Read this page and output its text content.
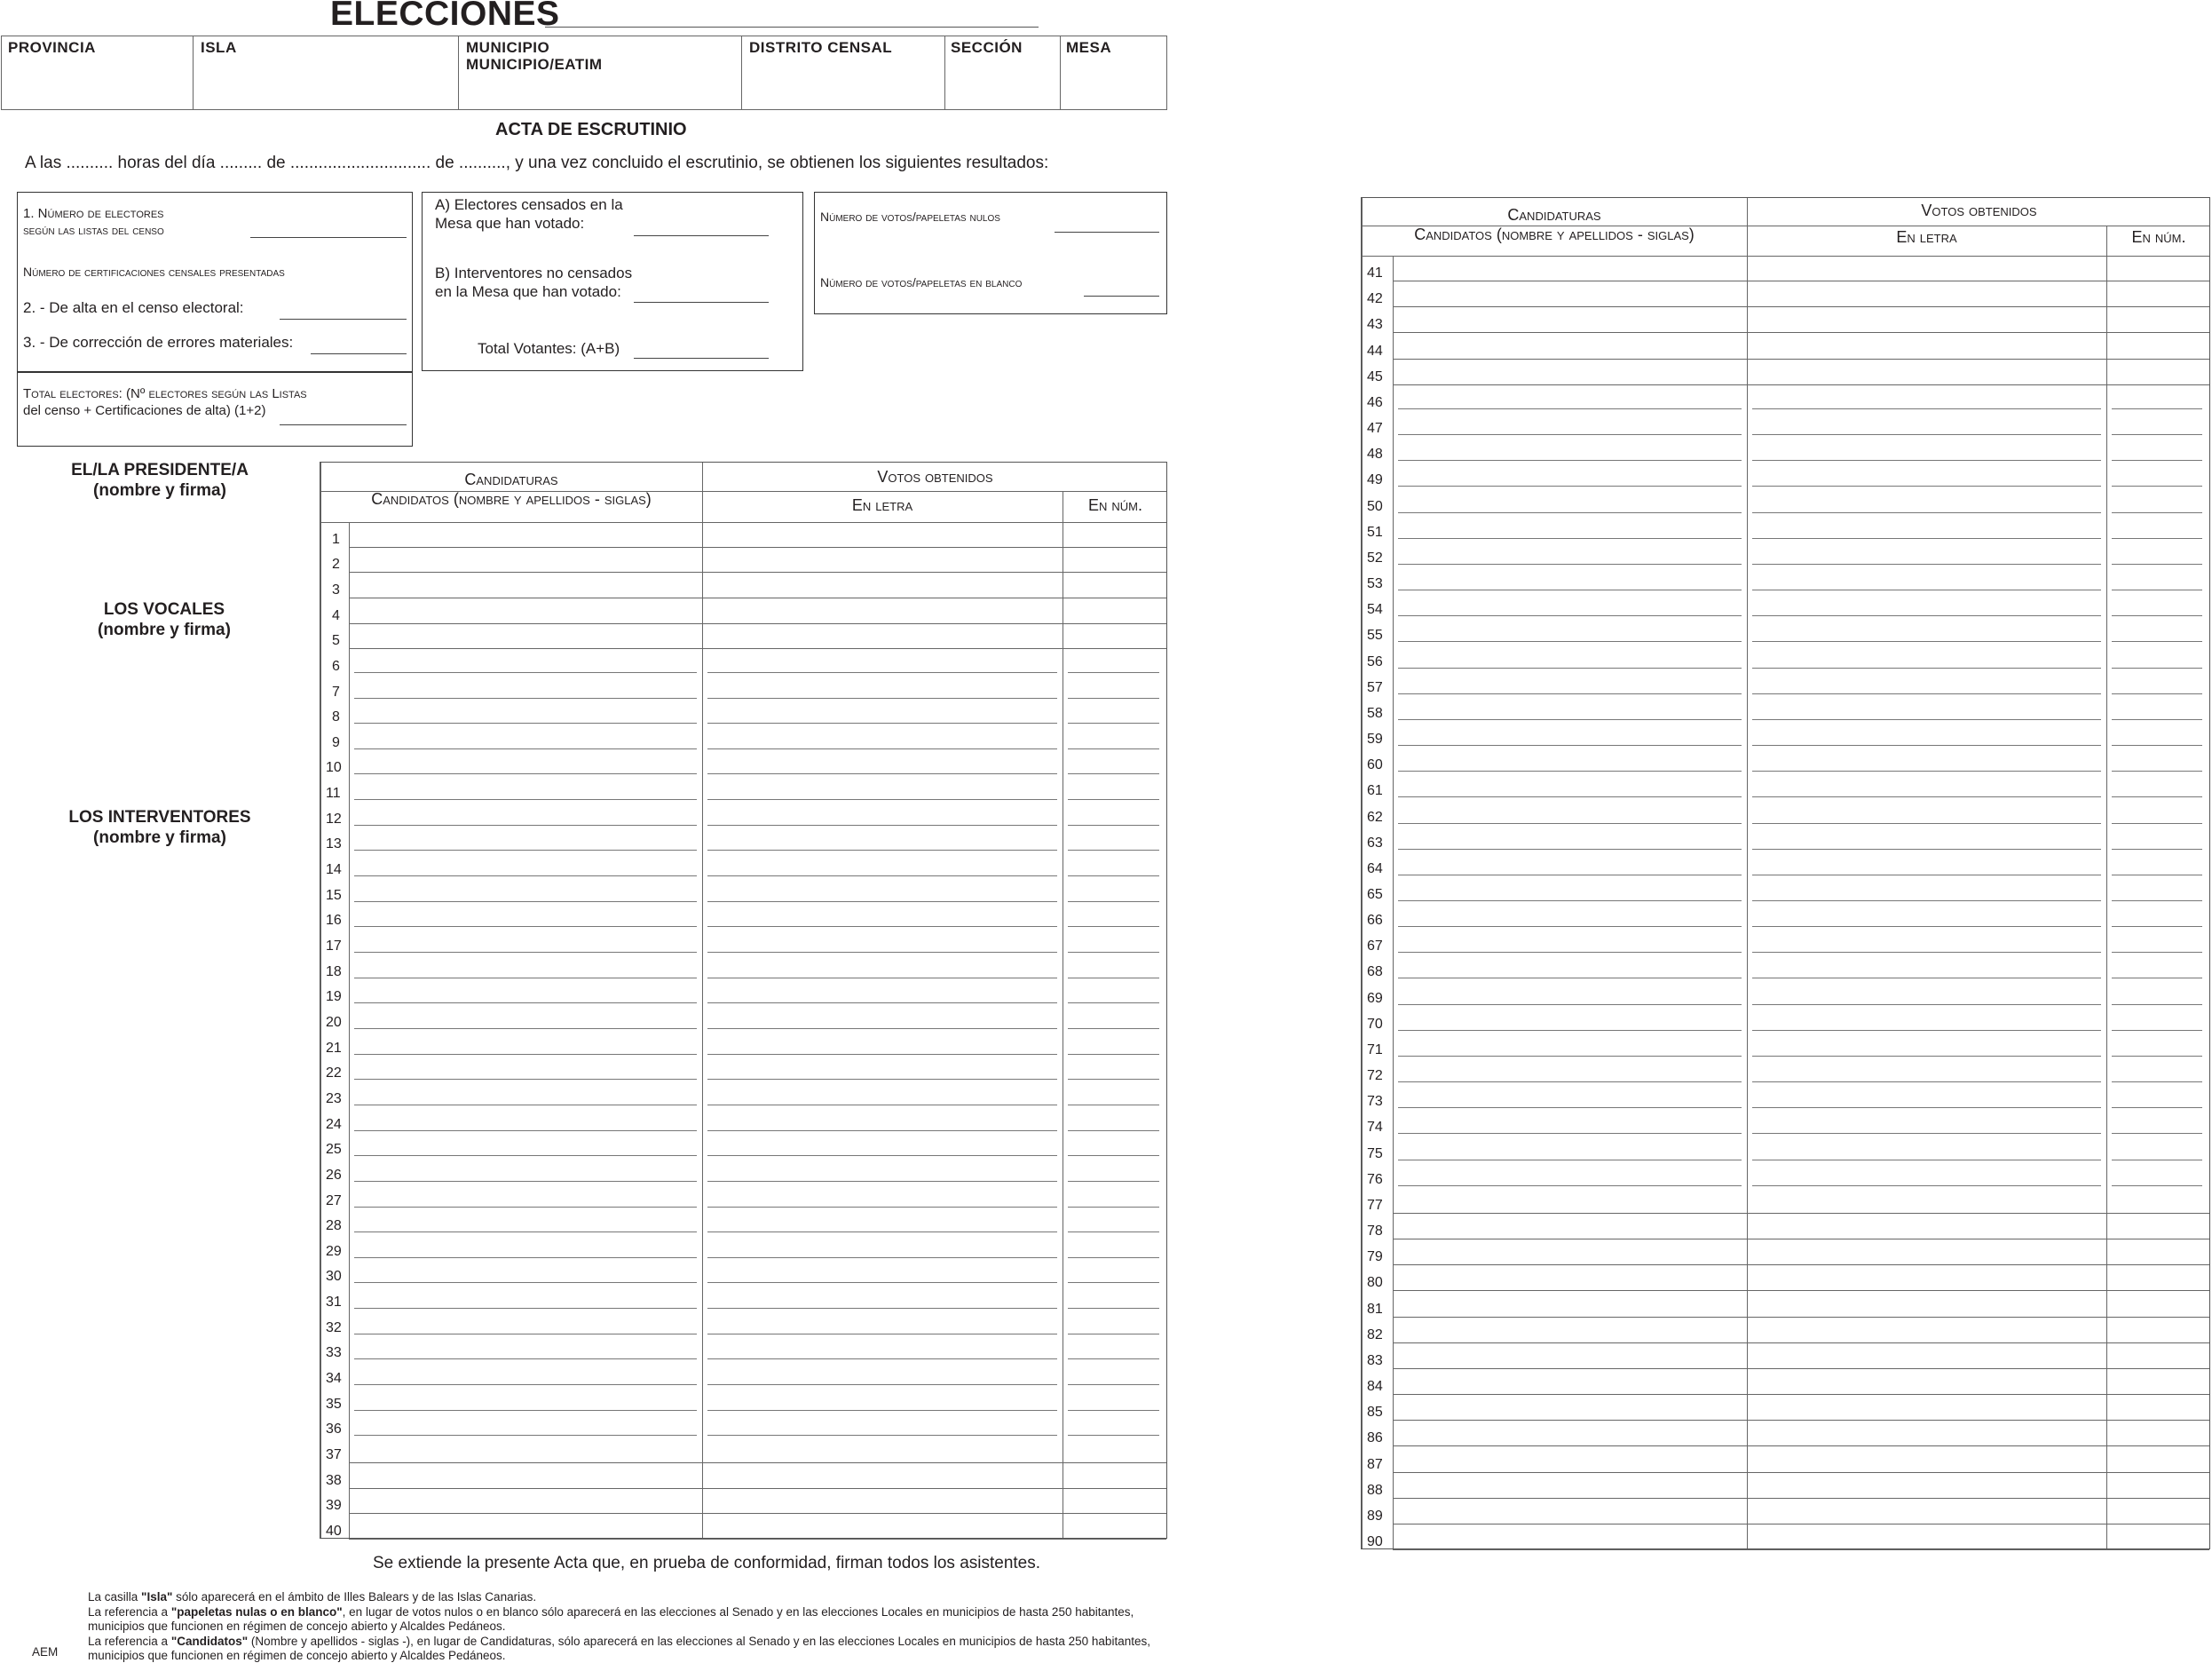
ELECCIONES
PROVINCIA	ISLA	MUNICIPIO
MUNICIPIO/EATIM
DISTRITO CENSAL	SECCIÓN	MESA
ACTA DE ESCRUTINIO
A las .......... horas del día ......... de .............................. de .........., y una vez concluido el escrutinio, se obtienen los siguientes resultados:
1. Número de electores
según las listas del censo
Número de certificaciones censales presentadas
2. - De alta en el censo electoral:
3. - De corrección de errores materiales:
Total electores: (Nº electores según las Listas
del censo + Certificaciones de alta) (1+2)
A) Electores censados en la
Mesa que han votado:
B) Interventores no censados
en la Mesa que han votado:
Total Votantes: (A+B)
Número de votos/papeletas nulos
Número de votos/papeletas en blanco
EL/LA PRESIDENTE/A
(nombre y firma)
LOS VOCALES
(nombre y firma)
LOS INTERVENTORES
(nombre y firma)
Candidaturas
Candidatos (nombre y apellidos - siglas)
Votos obtenidos
En letra	En núm.
1
2
3
4
5
6
7
8
9
10
11
12
13
14
15
16
17
18
19
20
21
22
23
24
25
26
27
28
29
30
31
32
33
34
35
36
37
38
39
40
Candidaturas
Candidatos (nombre y apellidos - siglas)
Votos obtenidos
En letra	En núm.
41
42
43
44
45
46
47
48
49
50
51
52
53
54
55
56
57
58
59
60
61
62
63
64
65
66
67
68
69
70
71
72
73
74
75
76
77
78
79
80
81
82
83
84
85
86
87
88
89
90
Se extiende la presente Acta que, en prueba de conformidad, firman todos los asistentes.
La casilla "Isla" sólo aparecerá en el ámbito de Illes Balears y de las Islas Canarias.
La referencia a "papeletas nulas o en blanco", en lugar de votos nulos o en blanco sólo aparecerá en las elecciones al Senado y en las elecciones Locales en municipios de hasta 250 habitantes,
municipios que funcionen en régimen de concejo abierto y Alcaldes Pedáneos.
La referencia a "Candidatos" (Nombre y apellidos - siglas -), en lugar de Candidaturas, sólo aparecerá en las elecciones al Senado y en las elecciones Locales en municipios de hasta 250 habitantes,
municipios que funcionen en régimen de concejo abierto y Alcaldes Pedáneos.
AEM
